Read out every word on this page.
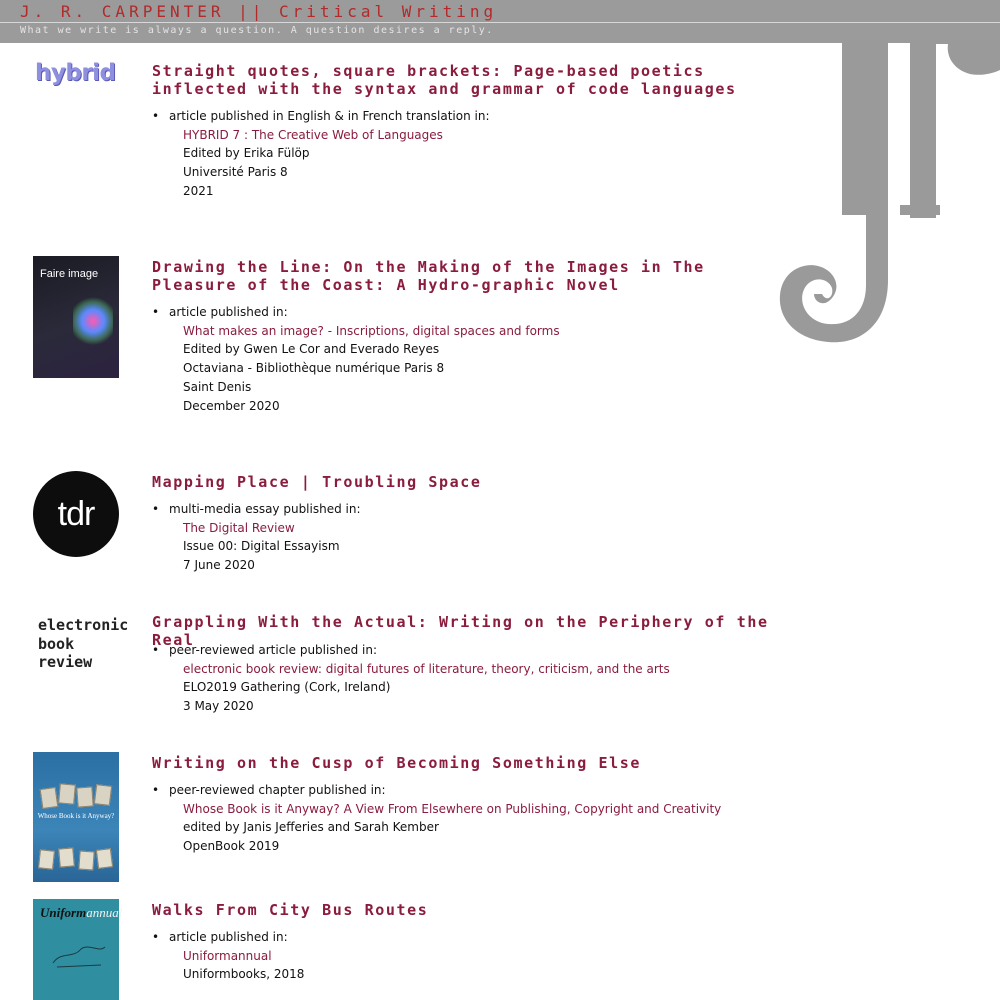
J. R. CARPENTER || Critical Writing
What we write is always a question. A question desires a reply.
hybrid Straight quotes, square brackets: Page-based poetics inflected with the syntax and grammar of code languages
• article published in English & in French translation in:
HYBRID 7 : The Creative Web of Languages
Edited by Erika Fülöp
Université Paris 8
2021
Faire image	Drawing the Line: On the Making of the Images in The Pleasure of the Coast: A Hydro-graphic Novel
• article published in:
What makes an image? - Inscriptions, digital spaces and forms
Edited by Gwen Le Cor and Everado Reyes
Octaviana - Bibliothèque numérique Paris 8
Saint Denis
December 2020
tdr
Mapping Place | Troubling Space
• multi-media essay published in:
The Digital Review
Issue 00: Digital Essayism
7 June 2020
electronic
book
review
Grappling With the Actual: Writing on the Periphery of the Real
• peer-reviewed article published in:
electronic book review: digital futures of literature, theory, criticism, and the arts
ELO2019 Gathering (Cork, Ireland)
3 May 2020
Whose Book is it Anyway?
Writing on the Cusp of Becoming Something Else
• peer-reviewed chapter published in:
Whose Book is it Anyway? A View From Elsewhere on Publishing, Copyright and Creativity
edited by Janis Jefferies and Sarah Kember
OpenBook 2019
Uniformannual Walks From City Bus Routes
• article published in:
Uniformannual
Uniformbooks, 2018
